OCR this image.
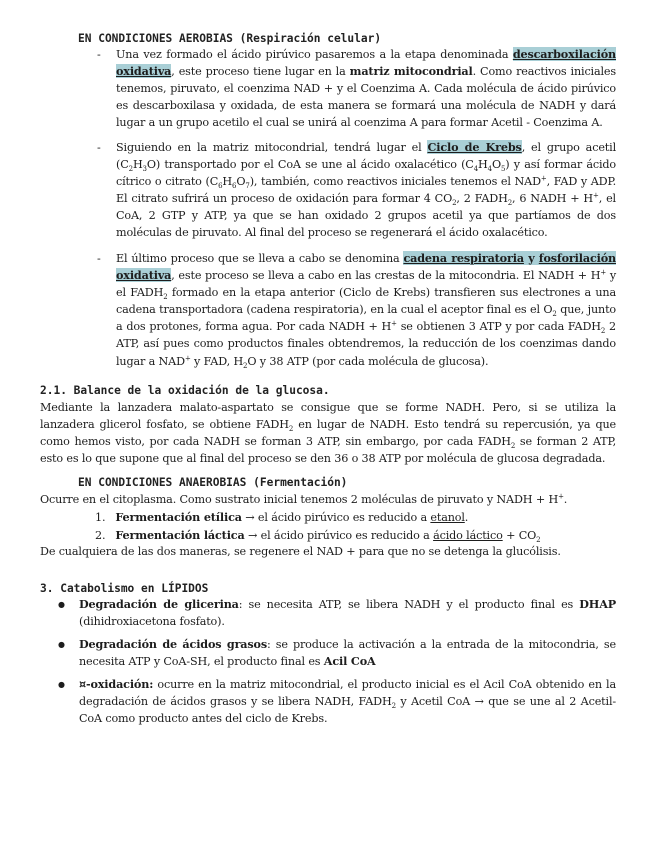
EN CONDICIONES AEROBIAS (Respiración celular)
- Una vez formado el ácido pirúvico pasaremos a la etapa denominada descarboxilación oxidativa, este proceso tiene lugar en la matriz mitocondrial. Como reactivos iniciales tenemos, piruvato, el coenzima NAD + y el Coenzima A. Cada molécula de ácido pirúvico es descarboxilasa y oxidada, de esta manera se formará una molécula de NADH y dará lugar a un grupo acetilo el cual se unirá al coenzima A para formar Acetil - Coenzima A.
- Siguiendo en la matriz mitocondrial, tendrá lugar el Ciclo de Krebs, el grupo acetil $(C_2H_3O)$ transportado por el CoA se une al ácido oxalacético $(C_4H_4O_5)$ y así formar ácido cítrico o citrato $(C_6H_6O_7)$, también, como reactivos iniciales tenemos el NAD+, FAD y ADP. El citrato sufrirá un proceso de oxidación para formar 4 $CO_2$, 2 $FADH_2$, 6 NADH + H+, el CoA, 2 GTP y ATP, ya que se han oxidado 2 grupos acetil ya que partíamos de dos moléculas de piruvato. Al final del proceso se regenerará el ácido oxalacético.
- El último proceso que se lleva a cabo se denomina cadena respiratoria y fosforilación oxidativa, este proceso se lleva a cabo en las crestas de la mitocondria. El NADH + H+ y el $FADH_2$ formado en la etapa anterior (Ciclo de Krebs) transfieren sus electrones a una cadena transportadora (cadena respiratoria), en la cual el aceptor final es el $O_2$ que, junto a dos protones, forma agua. Por cada NADH + H+ se obtienen 3 ATP y por cada $FADH_2$ 2 ATP, así pues como productos finales obtendremos, la reducción de los coenzimas dando lugar a NAD+ y FAD, $H_2O$ y 38 ATP (por cada molécula de glucosa).
2.1. Balance de la oxidación de la glucosa.

Mediante la lanzadera malato-aspartato se consigue que se forme NADH. Pero, si se utiliza la lanzadera glicerol fosfato, se obtiene $FADH_2$ en lugar de NADH. Esto tendrá su repercusión, ya que como hemos visto, por cada NADH se forman 3 ATP, sin embargo, por cada $FADH_2$ se forman 2 ATP, esto es lo que supone que al final del proceso se den 36 o 38 ATP por molécula de glucosa degradada.

EN CONDICIONES ANAEROBIAS (Fermentación)

Ocurre en el citoplasma. Como sustrato inicial tenemos 2 moléculas de piruvato y NADH + H+.

1. Fermentación etílica → el ácido pirúvico es reducido a etanol.

2. Fermentación láctica → el ácido pirúvico es reducido a ácido láctico + $CO_2$

De cualquiera de las dos maneras, se regenere el NAD + para que no se detenga la glucólisis.

3. Catabolismo en LÍPIDOS
● Degradación de glicerina: se necesita ATP, se libera NADH y el producto final es DHAP (dihidroxiacetona fosfato).
● Degradación de ácidos grasos: se produce la activación a la entrada de la mitocondria, se necesita ATP y CoA-SH, el producto final es Acil CoA
● ¤-oxidación: ocurre en la matriz mitocondrial, el producto inicial es el Acil CoA obtenido en la degradación de ácidos grasos y se libera NADH, $FADH_2$ y Acetil CoA → que se une al 2 Acetil-CoA como producto antes del ciclo de Krebs.
